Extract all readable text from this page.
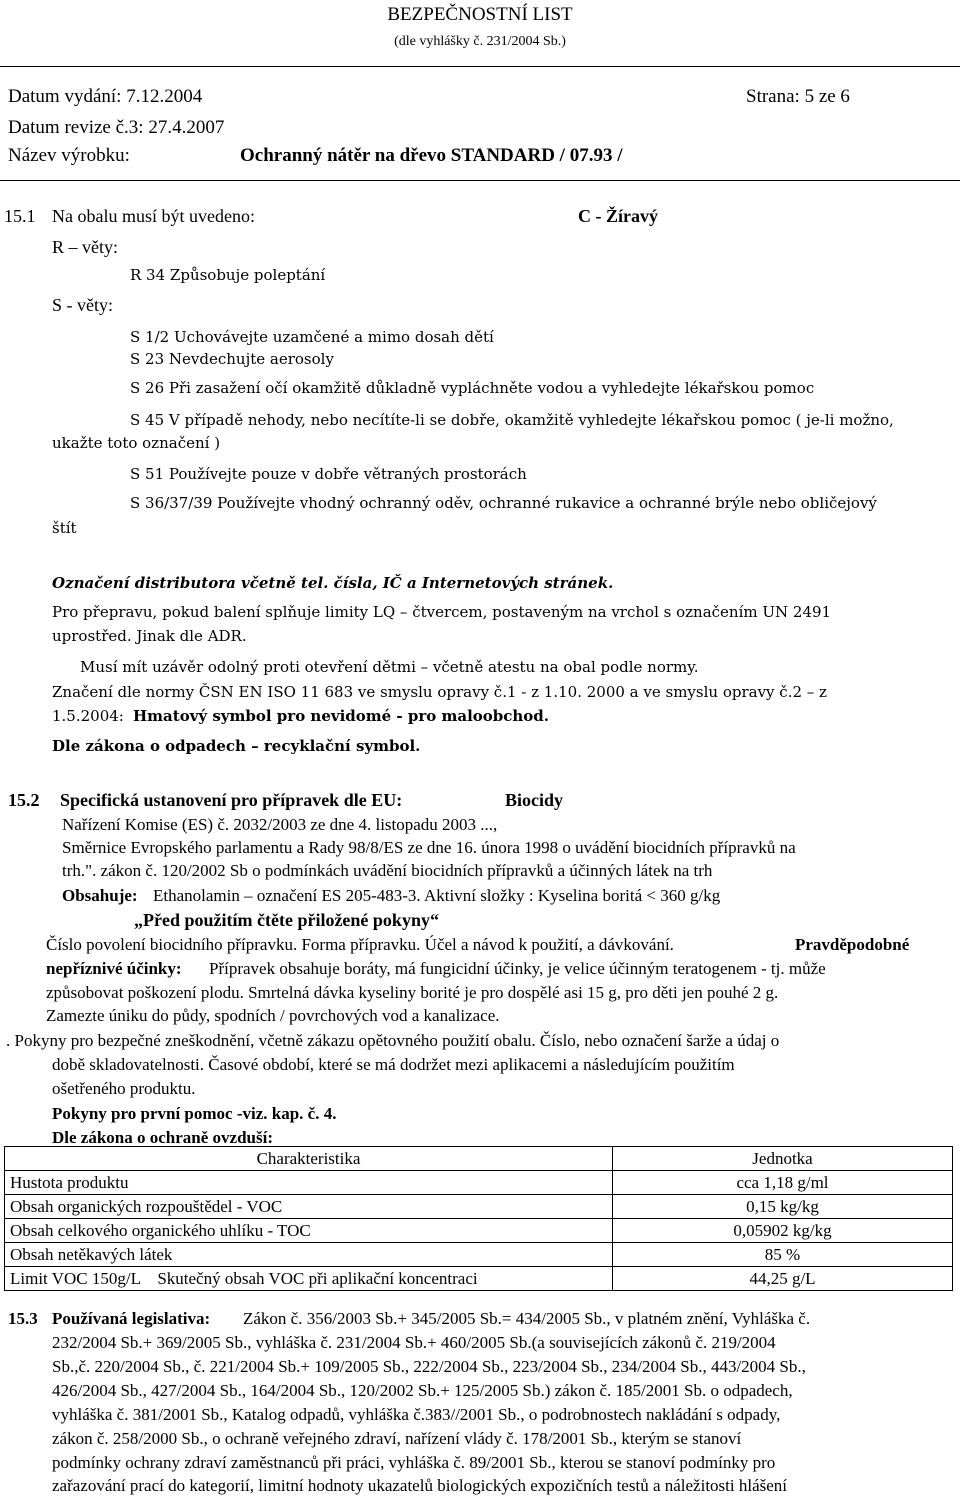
BEZPEČNOSTNÍ LIST
(dle vyhlášky č. 231/2004 Sb.)
Datum vydání: 7.12.2004	Strana: 5 ze 6
Datum revize č.3: 27.4.2007
Název výrobku:	Ochranný nátěr na dřevo STANDARD / 07.93 /
15.1 Na obalu musí být uvedeno:	C - Žíravý
R – věty:
R 34 Způsobuje poleptání
S - věty:
S 1/2 Uchovávejte uzamčené a mimo dosah dětí
S 23 Nevdechujte aerosoly
S 26 Při zasažení očí okamžitě důkladně vypláchněte vodou a vyhledejte lékařskou pomoc
S 45 V případě nehody, nebo necítíte-li se dobře, okamžitě vyhledejte lékařskou pomoc ( je-li možno,
ukažte toto označení )
S 51 Používejte pouze v dobře větraných prostorách
S 36/37/39 Používejte vhodný ochranný oděv, ochranné rukavice a ochranné brýle nebo obličejový
štít
Označení distributora včetně tel. čísla, IČ a Internetových stránek.
Pro přepravu, pokud balení splňuje limity LQ – čtvercem, postaveným na vrchol s označením UN 2491
uprostřed. Jinak dle ADR.
Musí mít uzávěr odolný proti otevření dětmi – včetně atestu na obal podle normy.
Značení dle normy ČSN EN ISO 11 683 ve smyslu opravy č.1 - z 1.10. 2000 a ve smyslu opravy č.2 – z
1.5.2004: Hmatový symbol pro nevidomé - pro maloobchod.
Dle zákona o odpadech – recyklační symbol.
15.2 Specifická ustanovení pro přípravek dle EU:	Biocidy
Nařízení Komise (ES) č. 2032/2003 ze dne 4. listopadu 2003 ...,
Směrnice Evropského parlamentu a Rady 98/8/ES ze dne 16. února 1998 o uvádění biocidních přípravků na
trh.". zákon č. 120/2002 Sb o podmínkách uvádění biocidních přípravků a účinných látek na trh
Obsahuje: Ethanolamin – označení ES 205-483-3. Aktivní složky : Kyselina boritá < 360 g/kg
„Před použitím čtěte přiložené pokyny“
Číslo povolení biocidního přípravku. Forma přípravku. Účel a návod k použití, a dávkování.	Pravděpodobné
nepříznivé účinky: Přípravek obsahuje boráty, má fungicidní účinky, je velice účinným teratogenem - tj. může
způsobovat poškození plodu. Smrtelná dávka kyseliny borité je pro dospělé asi 15 g, pro děti jen pouhé 2 g.
Zamezte úniku do půdy, spodních / povrchových vod a kanalizace.
. Pokyny pro bezpečné zneškodnění, včetně zákazu opětovného použití obalu. Číslo, nebo označení šarže a údaj o
době skladovatelnosti. Časové období, které se má dodržet mezi aplikacemi a následujícím použitím
ošetřeného produktu.
Pokyny pro první pomoc -viz. kap. č. 4.
Dle zákona o ochraně ovzduší:
Charakteristika	Jednotka
Hustota produktu	cca 1,18 g/ml
Obsah organických rozpouštědel - VOC	0,15 kg/kg
Obsah celkového organického uhlíku - TOC	0,05902 kg/kg
Obsah netěkavých látek	85 %
Limit VOC 150g/L    Skutečný obsah VOC při aplikační koncentraci	44,25 g/L
15.3 Používaná legislativa: Zákon č. 356/2003 Sb.+ 345/2005 Sb.= 434/2005 Sb., v platném znění, Vyhláška č.
232/2004 Sb.+ 369/2005 Sb., vyhláška č. 231/2004 Sb.+ 460/2005 Sb.(a souvisejících zákonů č. 219/2004
Sb.,č. 220/2004 Sb., č. 221/2004 Sb.+ 109/2005 Sb., 222/2004 Sb., 223/2004 Sb., 234/2004 Sb., 443/2004 Sb.,
426/2004 Sb., 427/2004 Sb., 164/2004 Sb., 120/2002 Sb.+ 125/2005 Sb.) zákon č. 185/2001 Sb. o odpadech,
vyhláška č. 381/2001 Sb., Katalog odpadů, vyhláška č.383//2001 Sb., o podrobnostech nakládání s odpady,
zákon č. 258/2000 Sb., o ochraně veřejného zdraví, nařízení vlády č. 178/2001 Sb., kterým se stanoví
podmínky ochrany zdraví zaměstnanců při práci, vyhláška č. 89/2001 Sb., kterou se stanoví podmínky pro
zařazování prací do kategorií, limitní hodnoty ukazatelů biologických expozičních testů a náležitosti hlášení
